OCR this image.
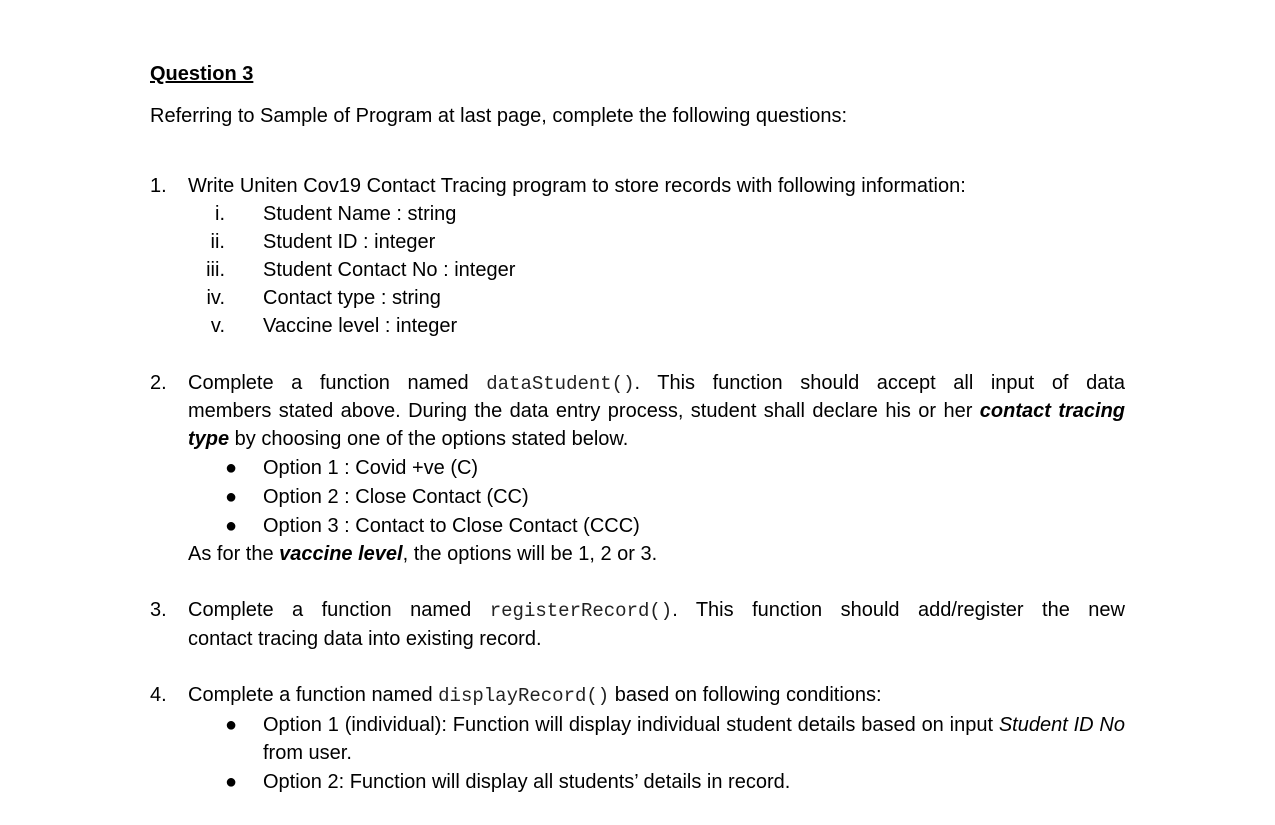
Question 3
Referring to Sample of Program at last page, complete the following questions:
1.	Write Uniten Cov19 Contact Tracing program to store records with following information:
i. Student Name : string
ii. Student ID : integer
iii. Student Contact No : integer
iv. Contact type : string
v. Vaccine level : integer
2.	Complete a function named dataStudent(). This function should accept all input of data
members stated above. During the data entry process, student shall declare his or her contact tracing
type by choosing one of the options stated below.
● Option 1 : Covid +ve (C)
● Option 2 : Close Contact (CC)
● Option 3 : Contact to Close Contact (CCC)
As for the vaccine level, the options will be 1, 2 or 3.
3.	Complete a function named registerRecord(). This function should add/register the new
contact tracing data into existing record.
4.	Complete a function named displayRecord() based on following conditions:
● Option 1 (individual): Function will display individual student details based on input Student ID No from user.
● Option 2: Function will display all students’ details in record.
